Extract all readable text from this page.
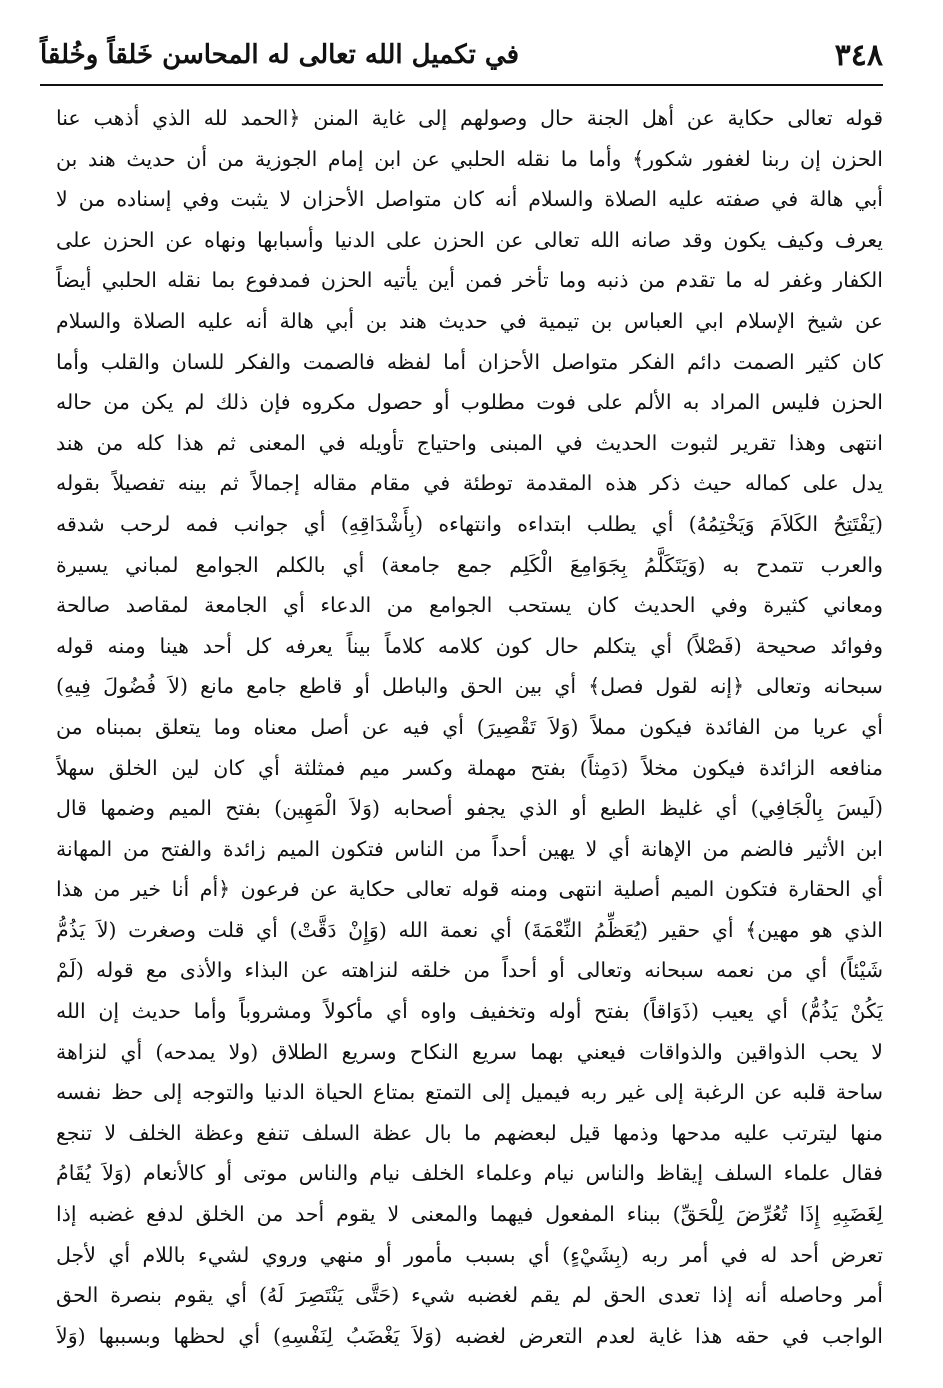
٣٤٨
في تكميل الله تعالى له المحاسن خَلقاً وخُلقاً
قوله تعالى حكاية عن أهل الجنة حال وصولهم إلى غاية المنن ﴿الحمد لله الذي أذهب عنا
الحزن إن ربنا لغفور شكور﴾ وأما ما نقله الحلبي عن ابن إمام الجوزية من أن حديث هند بن
أبي هالة في صفته عليه الصلاة والسلام أنه كان متواصل الأحزان لا يثبت وفي إسناده من لا
يعرف وكيف يكون وقد صانه الله تعالى عن الحزن على الدنيا وأسبابها ونهاه عن الحزن على
الكفار وغفر له ما تقدم من ذنبه وما تأخر فمن أين يأتيه الحزن فمدفوع بما نقله الحلبي أيضاً
عن شيخ الإسلام ابي العباس بن تيمية في حديث هند بن أبي هالة أنه عليه الصلاة والسلام
كان كثير الصمت دائم الفكر متواصل الأحزان أما لفظه فالصمت والفكر للسان والقلب وأما
الحزن فليس المراد به الألم على فوت مطلوب أو حصول مكروه فإن ذلك لم يكن من حاله
انتهى وهذا تقرير لثبوت الحديث في المبنى واحتياج تأويله في المعنى ثم هذا كله من هند
يدل على كماله حيث ذكر هذه المقدمة توطئة في مقام مقاله إجمالاً ثم بينه تفصيلاً بقوله
(يَفْتَتِحُ الكَلاَمَ وَيَخْتِمُهُ) أي يطلب ابتداءه وانتهاءه (بِأَشْدَاقِهِ) أي جوانب فمه لرحب شدقه
والعرب تتمدح به (وَيَتَكَلَّمُ بِجَوَامِعَ الْكَلِم جمع جامعة) أي بالكلم الجوامع لمباني يسيرة
ومعاني كثيرة وفي الحديث كان يستحب الجوامع من الدعاء أي الجامعة لمقاصد صالحة
وفوائد صحيحة (فَصْلاً) أي يتكلم حال كون كلامه كلاماً بيناً يعرفه كل أحد هينا ومنه قوله
سبحانه وتعالى ﴿إنه لقول فصل﴾ أي بين الحق والباطل أو قاطع جامع مانع (لاَ فُضُولَ فِيهِ)
أي عريا من الفائدة فيكون مملاً (وَلاَ تَقْصِيرَ) أي فيه عن أصل معناه وما يتعلق بمبناه من
منافعه الزائدة فيكون مخلاً (دَمِثاً) بفتح مهملة وكسر ميم فمثلثة أي كان لين الخلق سهلاً
(لَيسَ بِالْجَافِي) أي غليظ الطبع أو الذي يجفو أصحابه (وَلاَ الْمَهِين) بفتح الميم وضمها قال
ابن الأثير فالضم من الإهانة أي لا يهين أحداً من الناس فتكون الميم زائدة والفتح من المهانة
أي الحقارة فتكون الميم أصلية انتهى ومنه قوله تعالى حكاية عن فرعون ﴿أم أنا خير من هذا
الذي هو مهين﴾ أي حقير (يُعَظِّمُ النِّعْمَةَ) أي نعمة الله (وَإِنْ دَقَّتْ) أي قلت وصغرت (لاَ يَذُمُّ
شَيْئاً) أي من نعمه سبحانه وتعالى أو أحداً من خلقه لنزاهته عن البذاء والأذى مع قوله (لَمْ
يَكُنْ يَذُمُّ) أي يعيب (ذَوَاقاً) بفتح أوله وتخفيف واوه أي مأكولاً ومشروباً وأما حديث إن الله
لا يحب الذواقين والذواقات فيعني بهما سريع النكاح وسريع الطلاق (ولا يمدحه) أي لنزاهة
ساحة قلبه عن الرغبة إلى غير ربه فيميل إلى التمتع بمتاع الحياة الدنيا والتوجه إلى حظ نفسه
منها ليترتب عليه مدحها وذمها قيل لبعضهم ما بال عظة السلف تنفع وعظة الخلف لا تنجع
فقال علماء السلف إيقاظ والناس نيام وعلماء الخلف نيام والناس موتى أو كالأنعام (وَلاَ يُقَامُ
لِغَضَبِهِ إِذَا تُعُرِّضَ لِلْحَقِّ) ببناء المفعول فيهما والمعنى لا يقوم أحد من الخلق لدفع غضبه إذا
تعرض أحد له في أمر ربه (بِشَيْءٍ) أي بسبب مأمور أو منهي وروي لشيء باللام أي لأجل
أمر وحاصله أنه إذا تعدى الحق لم يقم لغضبه شيء (حَتَّى يَنْتَصِرَ لَهُ) أي يقوم بنصرة الحق
الواجب في حقه هذا غاية لعدم التعرض لغضبه (وَلاَ يَغْضَبُ لِنَفْسِهِ) أي لحظها وبسببها (وَلاَ
